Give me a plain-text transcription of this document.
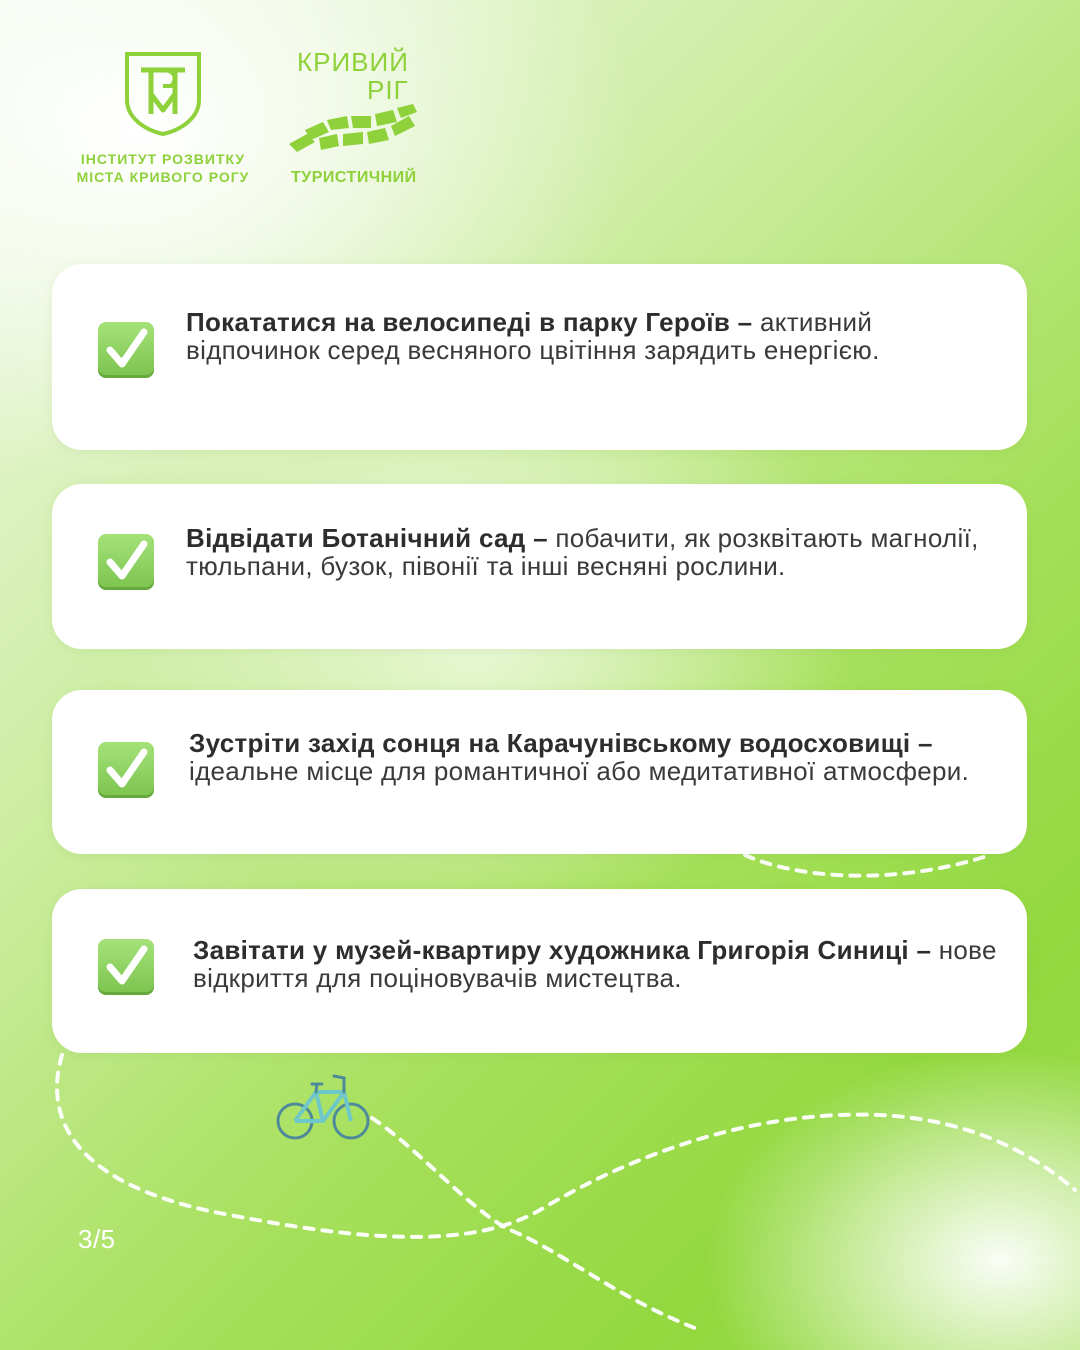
ІНСТИТУТ РОЗВИТКУ
МІСТА КРИВОГО РОГУ
КРИВИЙ
РІГ
ТУРИСТИЧНИЙ
Покататися на велосипеді в парку Героїв – активний відпочинок серед весняного цвітіння зарядить енергією.
Відвідати Ботанічний сад – побачити, як розквітають магнолії, тюльпани, бузок, півонії та інші весняні рослини.
Зустріти захід сонця на Карачунівському водосховищі – ідеальне місце для романтичної або медитативної атмосфери.
Завітати у музей-квартиру художника Григорія Синиці – нове відкриття для поціновувачів мистецтва.
3/5
